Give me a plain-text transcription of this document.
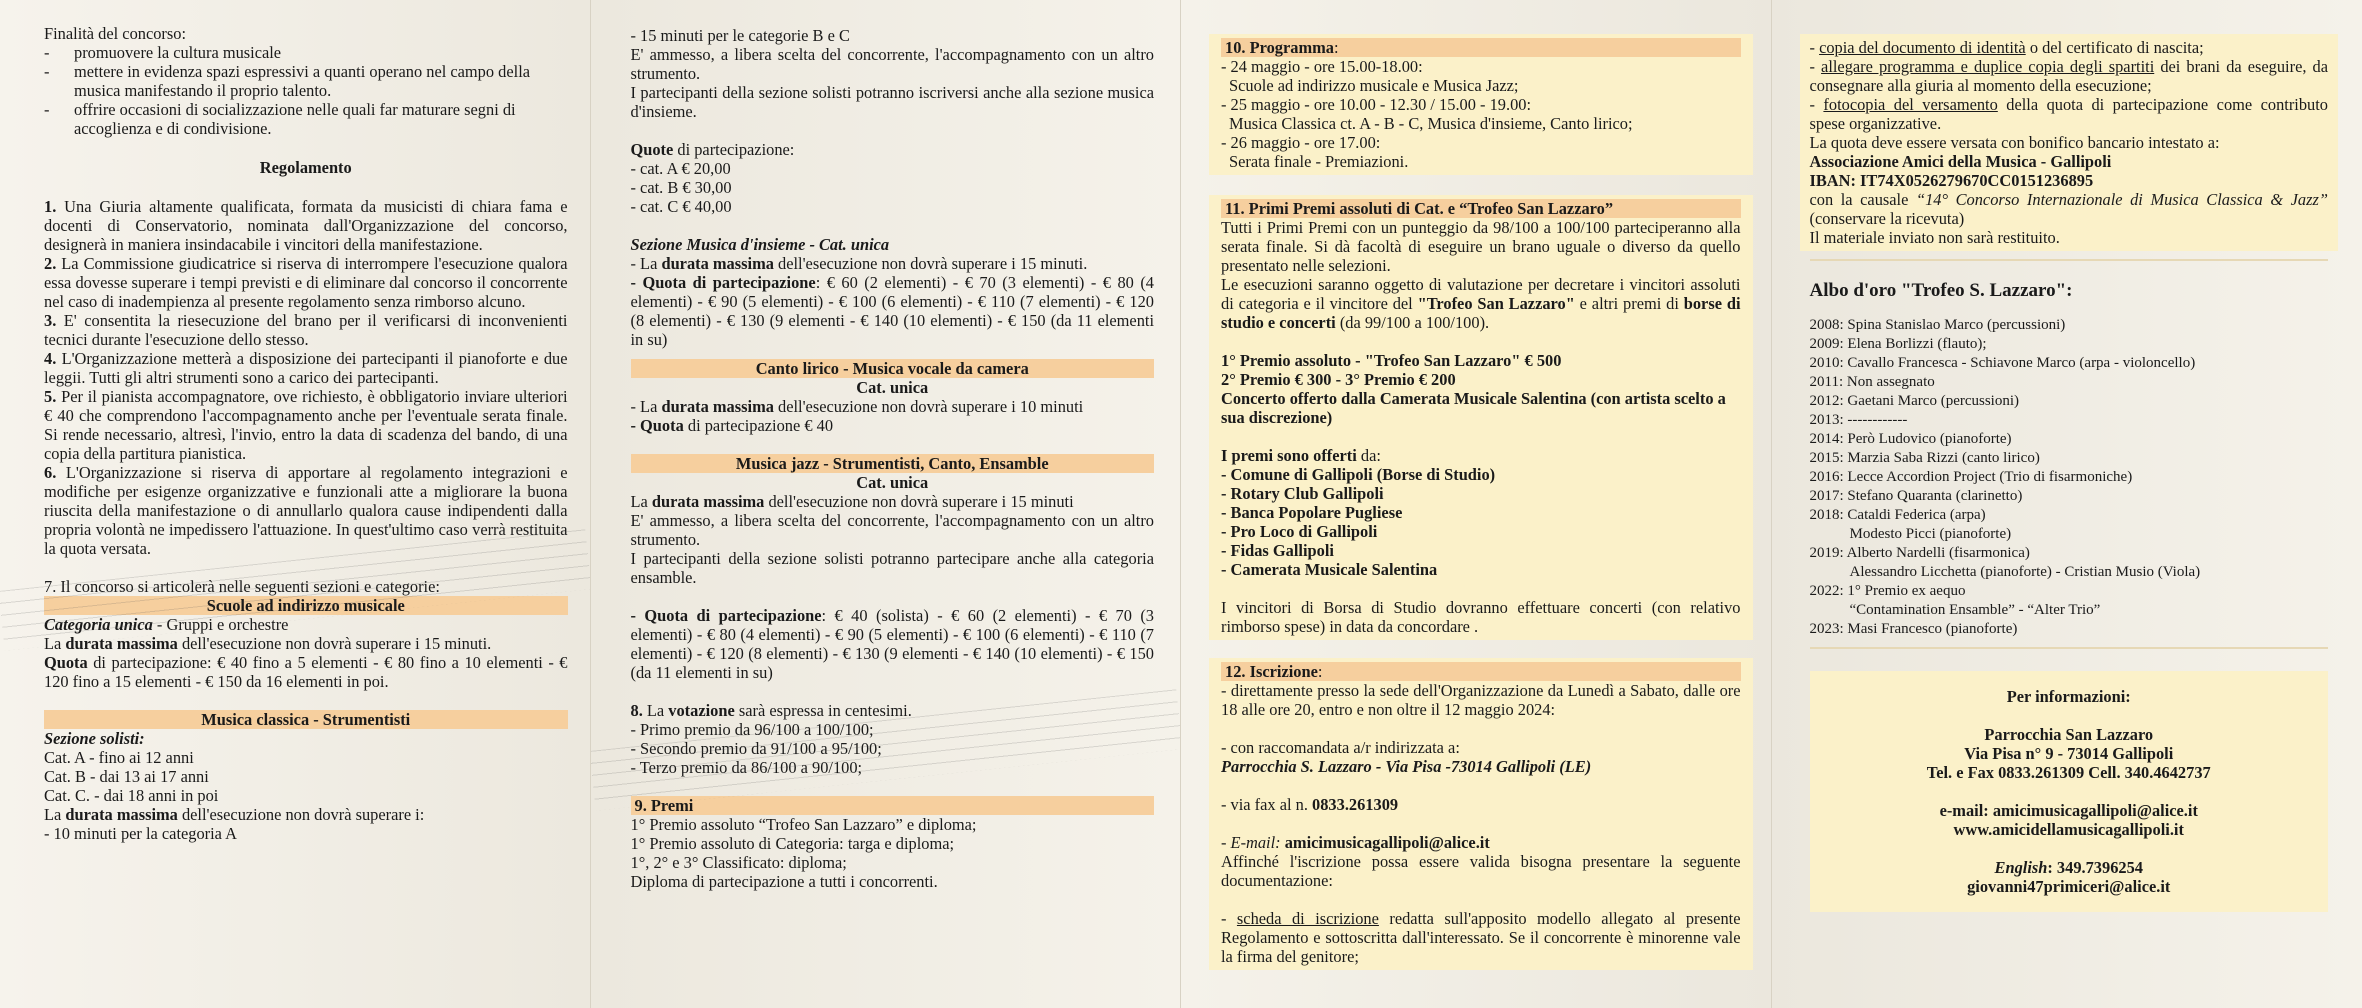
Finalità del concorso:

- promuovere la cultura musicale
- mettere in evidenza spazi espressivi a quanti operano nel campo della musica manifestando il proprio talento.
- offrire occasioni di socializzazione nelle quali far maturare segni di accoglienza e di condivisione.

Regolamento

1. Una Giuria altamente qualificata, formata da musicisti di chiara fama e docenti di Conservatorio, nominata dall'Organizzazione del concorso, designerà in maniera insindacabile i vincitori della manifestazione.

2. La Commissione giudicatrice si riserva di interrompere l'esecuzione qualora essa dovesse superare i tempi previsti e di eliminare dal concorso il concorrente nel caso di inadempienza al presente regolamento senza rimborso alcuno.

3. E' consentita la riesecuzione del brano per il verificarsi di inconvenienti tecnici durante l'esecuzione dello stesso.

4. L'Organizzazione metterà a disposizione dei partecipanti il pianoforte e due leggii. Tutti gli altri strumenti sono a carico dei partecipanti.

5. Per il pianista accompagnatore, ove richiesto, è obbligatorio inviare ulteriori € 40 che comprendono l'accompagnamento anche per l'eventuale serata finale. Si rende necessario, altresì, l'invio, entro la data di scadenza del bando, di una copia della partitura pianistica.

6. L'Organizzazione si riserva di apportare al regolamento integrazioni e modifiche per esigenze organizzative e funzionali atte a migliorare la buona riuscita della manifestazione o di annullarlo qualora cause indipendenti dalla propria volontà ne impedissero l'attuazione. In quest'ultimo caso verrà restituita la quota versata.

7. Il concorso si articolerà nelle seguenti sezioni e categorie:

Scuole ad indirizzo musicale

Categoria unica - Gruppi e orchestre

La durata massima dell'esecuzione non dovrà superare i 15 minuti.

Quota di partecipazione: € 40 fino a 5 elementi - € 80 fino a 10 elementi - € 120 fino a 15 elementi - € 150 da 16 elementi in poi.

Musica classica - Strumentisti

Sezione solisti:

Cat. A - fino ai 12 anni

Cat. B - dai 13 ai 17 anni

Cat. C. - dai 18 anni in poi

La durata massima dell'esecuzione non dovrà superare i:

- 10 minuti per la categoria A

- 15 minuti per le categorie B e C

E' ammesso, a libera scelta del concorrente, l'accompagnamento con un altro strumento.

I partecipanti della sezione solisti potranno iscriversi anche alla sezione musica d'insieme.

Quote di partecipazione:

- cat. A € 20,00

- cat. B € 30,00

- cat. C € 40,00

Sezione Musica d'insieme - Cat. unica

- La durata massima dell'esecuzione non dovrà superare i 15 minuti.

- Quota di partecipazione: € 60 (2 elementi) - € 70 (3 elementi) - € 80 (4 elementi) - € 90 (5 elementi) - € 100 (6 elementi) - € 110 (7 elementi) - € 120 (8 elementi) - € 130 (9 elementi - € 140 (10 elementi) - € 150 (da 11 elementi in su)

Canto lirico - Musica vocale da camera

Cat. unica

- La durata massima dell'esecuzione non dovrà superare i 10 minuti

- Quota di partecipazione € 40

Musica jazz - Strumentisti, Canto, Ensamble

Cat. unica

La durata massima dell'esecuzione non dovrà superare i 15 minuti

E' ammesso, a libera scelta del concorrente, l'accompagnamento con un altro strumento.

I partecipanti della sezione solisti potranno partecipare anche alla categoria ensamble.

- Quota di partecipazione: € 40 (solista) - € 60 (2 elementi) - € 70 (3 elementi) - € 80 (4 elementi) - € 90 (5 elementi) - € 100 (6 elementi) - € 110 (7 elementi) - € 120 (8 elementi) - € 130 (9 elementi - € 140 (10 elementi) - € 150 (da 11 elementi in su)

8. La votazione sarà espressa in centesimi.

- Primo premio da 96/100 a 100/100;

- Secondo premio da 91/100 a 95/100;

- Terzo premio da 86/100 a 90/100;

9. Premi

1° Premio assoluto “Trofeo San Lazzaro” e diploma;

1° Premio assoluto di Categoria: targa e diploma;

1°, 2° e 3° Classificato: diploma;

Diploma di partecipazione a tutti i concorrenti.

10. Programma:

- 24 maggio - ore 15.00-18.00:

Scuole ad indirizzo musicale e Musica Jazz;

- 25 maggio - ore 10.00 - 12.30 / 15.00 - 19.00:

Musica Classica ct. A - B - C, Musica d'insieme, Canto lirico;

- 26 maggio - ore 17.00:

Serata finale - Premiazioni.

11. Primi Premi assoluti di Cat. e “Trofeo San Lazzaro”

Tutti i Primi Premi con un punteggio da 98/100 a 100/100 parteciperanno alla serata finale. Si dà facoltà di eseguire un brano uguale o diverso da quello presentato nelle selezioni.

Le esecuzioni saranno oggetto di valutazione per decretare i vincitori assoluti di categoria e il vincitore del "Trofeo San Lazzaro" e altri premi di borse di studio e concerti (da 99/100 a 100/100).

1° Premio assoluto - "Trofeo San Lazzaro" € 500

2° Premio € 300 - 3° Premio € 200

Concerto offerto dalla Camerata Musicale Salentina (con artista scelto a sua discrezione)

I premi sono offerti da:

- Comune di Gallipoli (Borse di Studio)

- Rotary Club Gallipoli

- Banca Popolare Pugliese

- Pro Loco di Gallipoli

- Fidas Gallipoli

- Camerata Musicale Salentina

I vincitori di Borsa di Studio dovranno effettuare concerti (con relativo rimborso spese) in data da concordare .

12. Iscrizione:

- direttamente presso la sede dell'Organizzazione da Lunedì a Sabato, dalle ore 18 alle ore 20, entro e non oltre il 12 maggio 2024:

- con raccomandata a/r indirizzata a:

Parrocchia S. Lazzaro - Via Pisa -73014 Gallipoli (LE)

- via fax al n. 0833.261309

- E-mail: amicimusicagallipoli@alice.it

Affinché l'iscrizione possa essere valida bisogna presentare la seguente documentazione:

- scheda di iscrizione redatta sull'apposito modello allegato al presente Regolamento e sottoscritta dall'interessato. Se il concorrente è minorenne vale la firma del genitore;

- copia del documento di identità o del certificato di nascita;

- allegare programma e duplice copia degli spartiti dei brani da eseguire, da consegnare alla giuria al momento della esecuzione;

- fotocopia del versamento della quota di partecipazione come contributo spese organizzative.

La quota deve essere versata con bonifico bancario intestato a:

Associazione Amici della Musica - Gallipoli

IBAN: IT74X0526279670CC0151236895

con la causale “14° Concorso Internazionale di Musica Classica & Jazz” (conservare la ricevuta)

Il materiale inviato non sarà restituito.

Albo d'oro "Trofeo S. Lazzaro":

2008: Spina Stanislao Marco (percussioni)

2009: Elena Borlizzi (flauto);

2010: Cavallo Francesca - Schiavone Marco (arpa - violoncello)

2011: Non assegnato

2012: Gaetani Marco (percussioni)

2013: ------------

2014: Però Ludovico (pianoforte)

2015: Marzia Saba Rizzi (canto lirico)

2016: Lecce Accordion Project (Trio di fisarmoniche)

2017: Stefano Quaranta (clarinetto)

2018: Cataldi Federica (arpa)

Modesto Picci (pianoforte)

2019: Alberto Nardelli (fisarmonica)

Alessandro Licchetta (pianoforte) - Cristian Musio (Viola)

2022: 1° Premio ex aequo

“Contamination Ensamble” - “Alter Trio”

2023: Masi Francesco (pianoforte)

Per informazioni:

Parrocchia San Lazzaro

Via Pisa n° 9 - 73014 Gallipoli

Tel. e Fax 0833.261309 Cell. 340.4642737

e-mail: amicimusicagallipoli@alice.it

www.amicidellamusicagallipoli.it

English: 349.7396254

giovanni47primiceri@alice.it
